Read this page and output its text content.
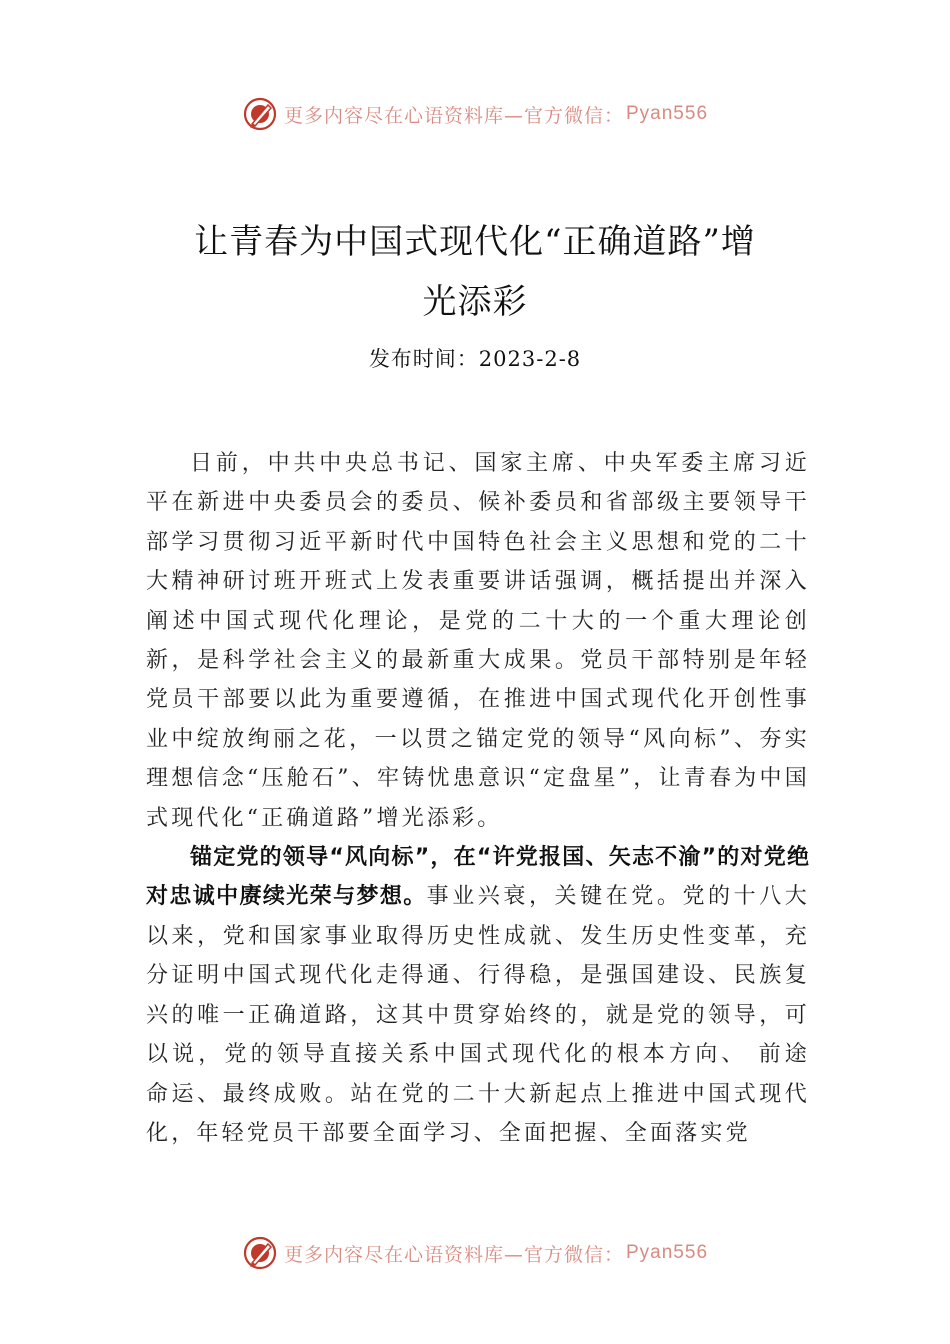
更多内容尽在心语资料库—官方微信： Pyan556
让青春为中国式现代化“正确道路”增
光添彩
发布时间：2023-2-8

日前，中共中央总书记、国家主席、中央军委主席习近平在新进中央委员会的委员、候补委员和省部级主要领导干部学习贯彻习近平新时代中国特色社会主义思想和党的二十大精神研讨班开班式上发表重要讲话强调，概括提出并深入阐述中国式现代化理论，是党的二十大的一个重大理论创新，是科学社会主义的最新重大成果。党员干部特别是年轻党员干部要以此为重要遵循，在推进中国式现代化开创性事业中绽放绚丽之花，一以贯之锚定党的领导“风向标”、夯实理想信念“压舱石”、牢铸忧患意识“定盘星”，让青春为中国式现代化“正确道路”增光添彩。

锚定党的领导“风向标”，在“许党报国、矢志不渝”的对党绝对忠诚中赓续光荣与梦想。事业兴衰，关键在党。党的十八大以来，党和国家事业取得历史性成就、发生历史性变革，充分证明中国式现代化走得通、行得稳，是强国建设、民族复兴的唯一正确道路，这其中贯穿始终的，就是党的领导，可以说，党的领导直接关系中国式现代化的根本方向、 前途命运、最终成败。站在党的二十大新起点上推进中国式现代化，年轻党员干部要全面学习、全面把握、全面落实党

更多内容尽在心语资料库—官方微信： Pyan556
